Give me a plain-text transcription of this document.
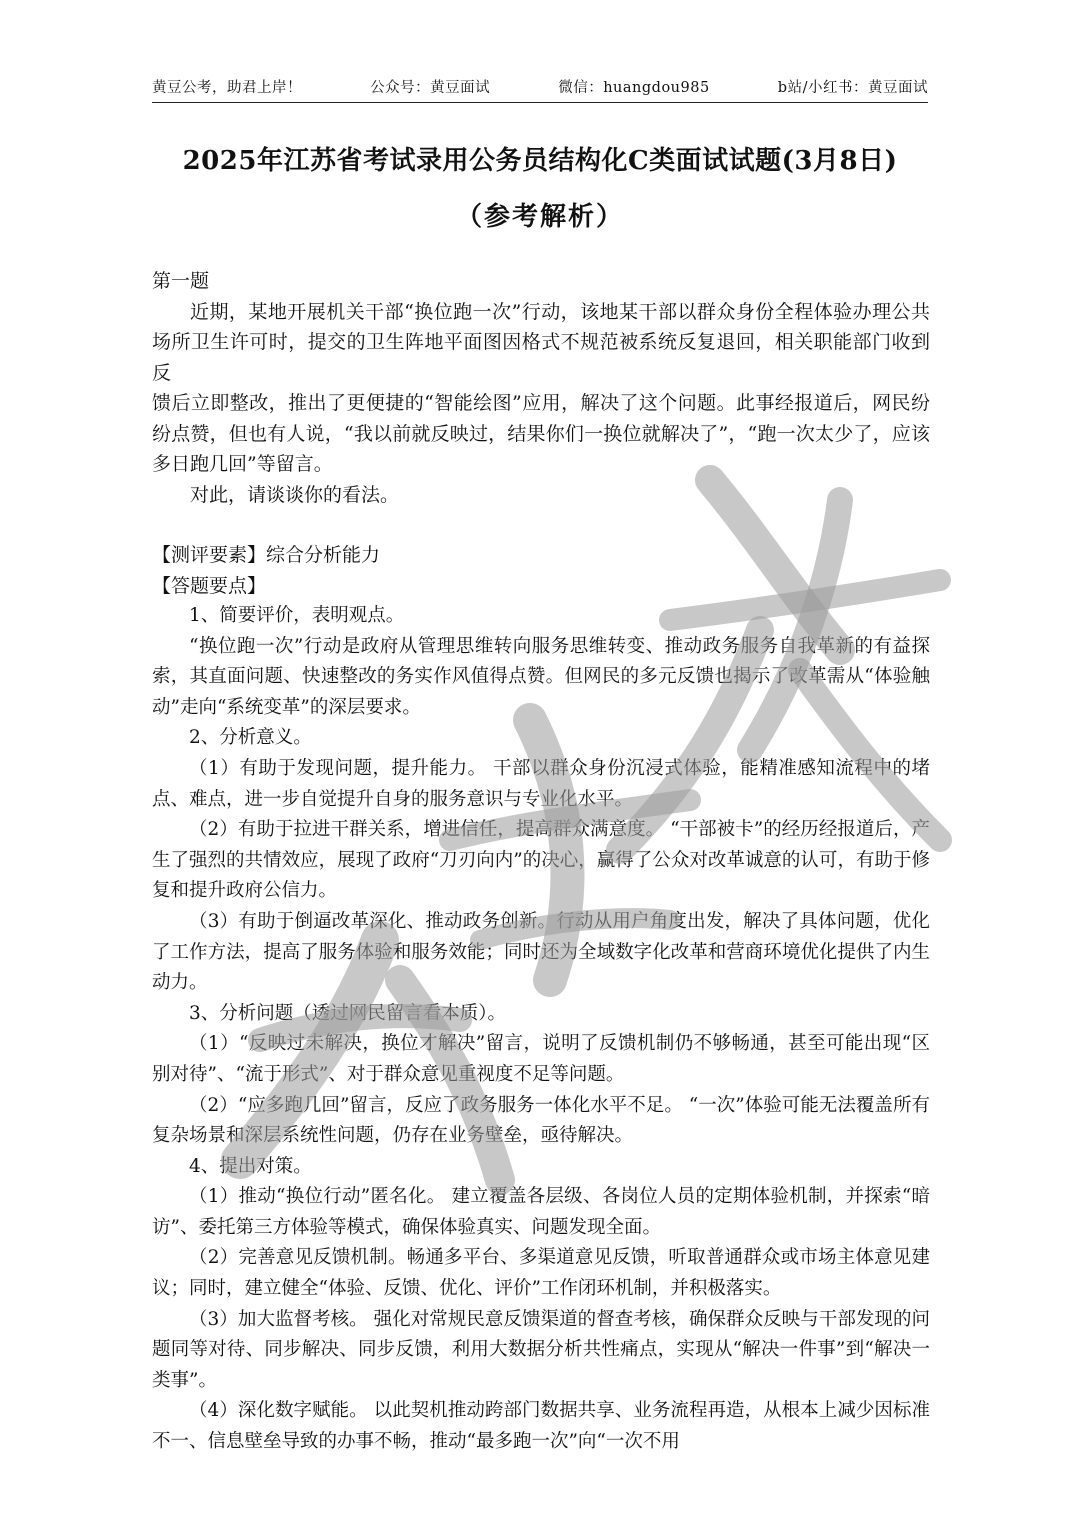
黄豆公考，助君上岸！	公众号：黄豆面试	微信：huangdou985	b站/小红书：黄豆面试
2025年江苏省考试录用公务员结构化C类面试试题(3月8日)
（参考解析）

第一题

近期，某地开展机关干部“换位跑一次”行动，该地某干部以群众身份全程体验办理公共场所卫生许可时，提交的卫生阵地平面图因格式不规范被系统反复退回，相关职能部门收到反

馈后立即整改，推出了更便捷的“智能绘图”应用，解决了这个问题。此事经报道后，网民纷纷点赞，但也有人说，“我以前就反映过，结果你们一换位就解决了”，“跑一次太少了，应该多日跑几回”等留言。

对此，请谈谈你的看法。

【测评要素】综合分析能力

【答题要点】

1、简要评价，表明观点。

“换位跑一次”行动是政府从管理思维转向服务思维转变、推动政务服务自我革新的有益探索，其直面问题、快速整改的务实作风值得点赞。但网民的多元反馈也揭示了改革需从“体验触动”走向“系统变革”的深层要求。

2、分析意义。

（1）有助于发现问题，提升能力。 干部以群众身份沉浸式体验，能精准感知流程中的堵点、难点，进一步自觉提升自身的服务意识与专业化水平。

（2）有助于拉进干群关系，增进信任，提高群众满意度。 “干部被卡”的经历经报道后，产生了强烈的共情效应，展现了政府“刀刃向内”的决心，赢得了公众对改革诚意的认可，有助于修复和提升政府公信力。

（3）有助于倒逼改革深化、推动政务创新。行动从用户角度出发，解决了具体问题，优化了工作方法，提高了服务体验和服务效能；同时还为全域数字化改革和营商环境优化提供了内生动力。

3、分析问题（透过网民留言看本质）。

（1）“反映过未解决，换位才解决”留言，说明了反馈机制仍不够畅通，甚至可能出现“区别对待”、“流于形式”、对于群众意见重视度不足等问题。

（2）“应多跑几回”留言，反应了政务服务一体化水平不足。 “一次”体验可能无法覆盖所有复杂场景和深层系统性问题，仍存在业务壁垒，亟待解决。

4、提出对策。

（1）推动“换位行动”匿名化。 建立覆盖各层级、各岗位人员的定期体验机制，并探索“暗访”、委托第三方体验等模式，确保体验真实、问题发现全面。

（2）完善意见反馈机制。畅通多平台、多渠道意见反馈，听取普通群众或市场主体意见建议；同时，建立健全“体验、反馈、优化、评价”工作闭环机制，并积极落实。

（3）加大监督考核。 强化对常规民意反馈渠道的督查考核，确保群众反映与干部发现的问题同等对待、同步解决、同步反馈，利用大数据分析共性痛点，实现从“解决一件事”到“解决一类事”。

（4）深化数字赋能。 以此契机推动跨部门数据共享、业务流程再造，从根本上减少因标准不一、信息壁垒导致的办事不畅，推动“最多跑一次”向“一次不用
